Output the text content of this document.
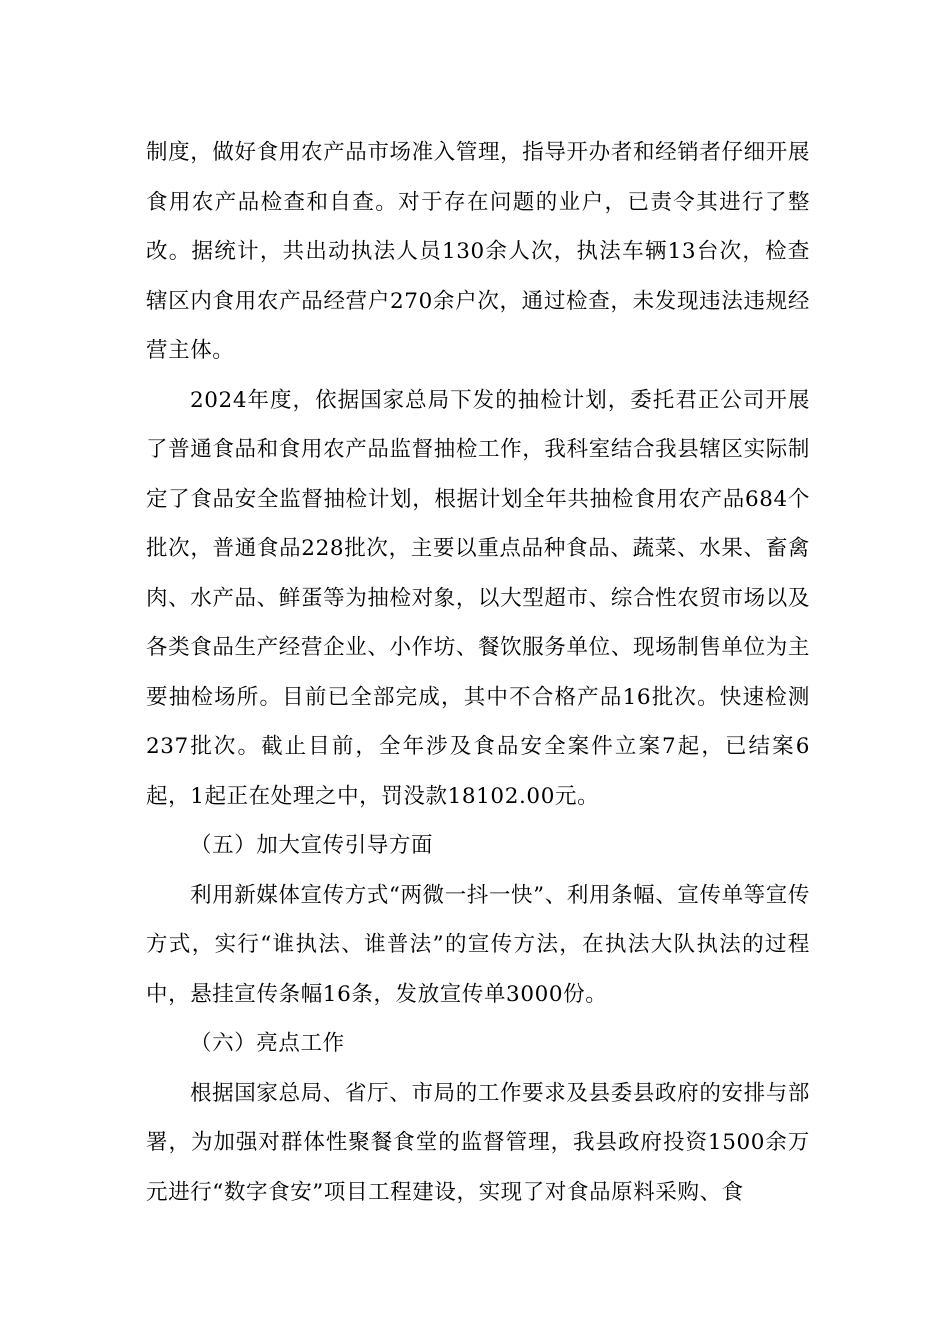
制度，做好食用农产品市场准入管理，指导开办者和经销者仔细开展食用农产品检查和自查。对于存在问题的业户，已责令其进行了整改。据统计，共出动执法人员130余人次，执法车辆13台次，检查辖区内食用农产品经营户270余户次，通过检查，未发现违法违规经营主体。

2024年度，依据国家总局下发的抽检计划，委托君正公司开展了普通食品和食用农产品监督抽检工作，我科室结合我县辖区实际制定了食品安全监督抽检计划，根据计划全年共抽检食用农产品684个批次，普通食品228批次，主要以重点品种食品、蔬菜、水果、畜禽肉、水产品、鲜蛋等为抽检对象，以大型超市、综合性农贸市场以及各类食品生产经营企业、小作坊、餐饮服务单位、现场制售单位为主要抽检场所。目前已全部完成，其中不合格产品16批次。快速检测237批次。截止目前，全年涉及食品安全案件立案7起，已结案6起，1起正在处理之中，罚没款18102.00元。

（五）加大宣传引导方面

利用新媒体宣传方式“两微一抖一快”、利用条幅、宣传单等宣传方式，实行“谁执法、谁普法”的宣传方法，在执法大队执法的过程中，悬挂宣传条幅16条，发放宣传单3000份。

（六）亮点工作

根据国家总局、省厅、市局的工作要求及县委县政府的安排与部署，为加强对群体性聚餐食堂的监督管理，我县政府投资1500余万元进行“数字食安”项目工程建设，实现了对食品原料采购、食
